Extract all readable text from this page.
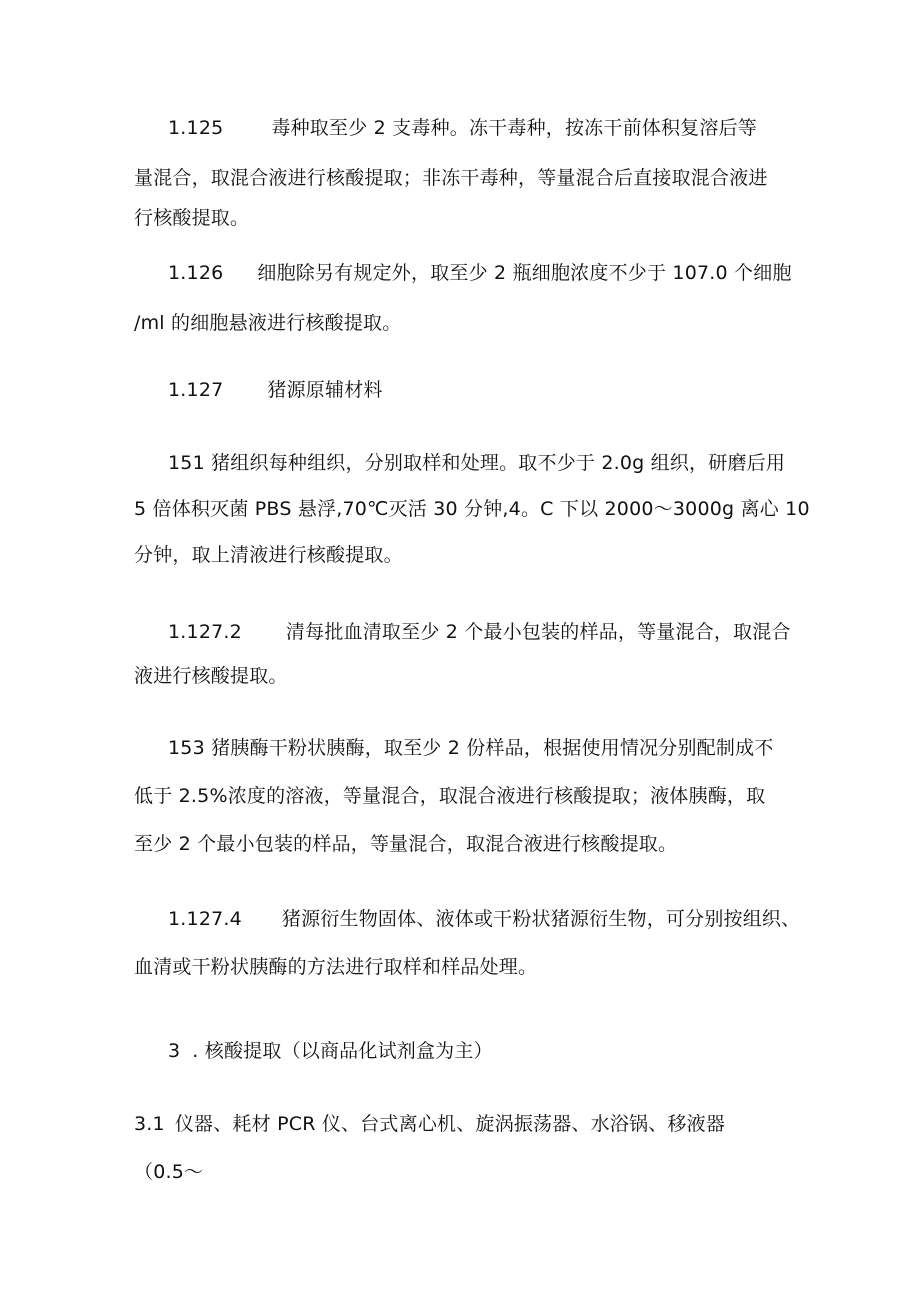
1.125	毒种取至少 2 支毒种。冻干毒种，按冻干前体积复溶后等
量混合，取混合液进行核酸提取；非冻干毒种，等量混合后直接取混合液进
行核酸提取。
1.126 细胞除另有规定外，取至少 2 瓶细胞浓度不少于 107.0 个细胞
/ml 的细胞悬液进行核酸提取。
1.127 猪源原辅材料
151 猪组织每种组织，分别取样和处理。取不少于 2.0g 组织，研磨后用
5 倍体积灭菌 PBS 悬浮,70℃灭活 30 分钟,4。C 下以 2000〜3000g 离心 10
分钟，取上清液进行核酸提取。
1.127.2 清每批血清取至少 2 个最小包装的样品，等量混合，取混合
液进行核酸提取。
153 猪胰酶干粉状胰酶，取至少 2 份样品，根据使用情况分别配制成不
低于 2.5%浓度的溶液，等量混合，取混合液进行核酸提取；液体胰酶，取
至少 2 个最小包装的样品，等量混合，取混合液进行核酸提取。
1.127.4 猪源衍生物固体、液体或干粉状猪源衍生物，可分别按组织、
血清或干粉状胰酶的方法进行取样和样品处理。
3 . 核酸提取（以商品化试剂盒为主）
3.1 仪器、耗材 PCR 仪、台式离心机、旋涡振荡器、水浴锅、移液器
（0.5〜
